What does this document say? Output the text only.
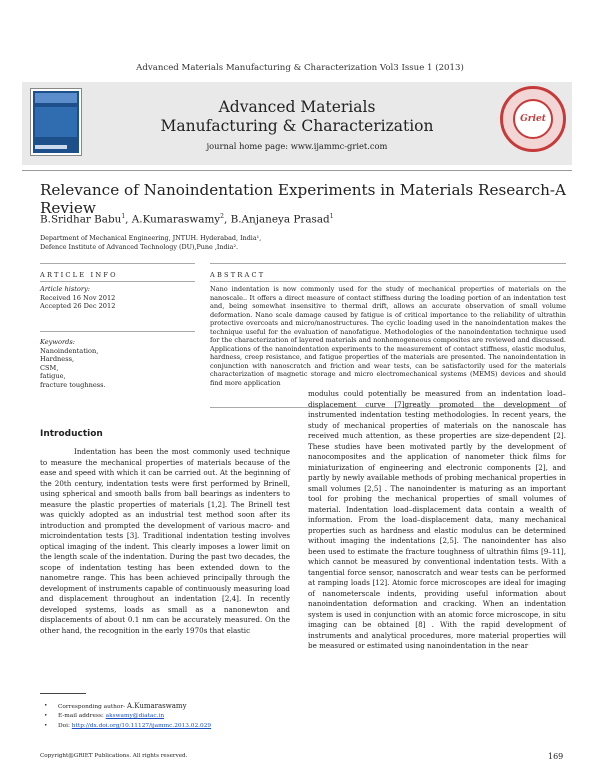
Advanced Materials Manufacturing & Characterization Vol3 Issue 1 (2013)
Advanced Materials
Manufacturing & Characterization
journal home page: www.ijammc-griet.com
Griet
Relevance of Nanoindentation Experiments in Materials Research-A Review
B.Sridhar Babu$^1$, A.Kumaraswamy$^2$, B.Anjaneya Prasad$^1$
Department of Mechanical Engineering, JNTUH. Hyderabad, India¹,
Defence Institute of Advanced Technology (DU),Pune ,India².
ARTICLE INFO	ABSTRACT
Article history:
Received 16 Nov 2012
Accepted 26 Dec 2012
Keywords:
Nanoindentation,
Hardness,
CSM,
fatigue,
fracture toughness.
Nano indentation is now commonly used for the study of mechanical properties of materials on the nanoscale.. It offers a direct measure of contact stiffness during the loading portion of an indentation test and, being somewhat insensitive to thermal drift, allows an accurate observation of small volume deformation. Nano scale damage caused by fatigue is of critical importance to the reliability of ultrathin protective overcoats and micro/nanostructures. The cyclic loading used in the nanoindentation makes the technique useful for the evaluation of nanofatigue. Methodologies of the nanoindentation technique used for the characterization of layered materials and nonhomogeneous composites are reviewed and discussed. Applications of the nanoindentation experiments to the measurement of contact stiffness, elastic modulus, hardness, creep resistance, and fatigue properties of the materials are presented. The nanoindentation in conjunction with nanoscratch and friction and wear tests, can be satisfactorily used for the materials characterization of magnetic storage and micro electromechanical systems (MEMS) devices and should find more application
Introduction
Indentation has been the most commonly used technique to measure the mechanical properties of materials because of the ease and speed with which it can be carried out. At the beginning of the 20th century, indentation tests were first performed by Brinell, using spherical and smooth balls from ball bearings as indenters to measure the plastic properties of materials [1,2]. The Brinell test was quickly adopted as an industrial test method soon after its introduction and prompted the development of various macro- and microindentation tests [3]. Traditional indentation testing involves optical imaging of the indent. This clearly imposes a lower limit on the length scale of the indentation. During the past two decades, the scope of indentation testing has been extended down to the nanometre range. This has been achieved principally through the development of instruments capable of continuously measuring load and displacement throughout an indentation [2,4]. In recently developed systems, loads as small as a nanonewton and displacements of about 0.1 nm can be accurately measured. On the other hand, the recognition in the early 1970s that elastic
modulus could potentially be measured from an indentation load–displacement curve [7]greatly promoted the development of instrumented indentation testing methodologies. In recent years, the study of mechanical properties of materials on the nanoscale has received much attention, as these properties are size-dependent [2]. These studies have been motivated partly by the development of nanocomposites and the application of nanometer thick films for miniaturization of engineering and electronic components [2], and partly by newly available methods of probing mechanical properties in small volumes [2,5] . The nanoindenter is maturing as an important tool for probing the mechanical properties of small volumes of material. Indentation load–displacement data contain a wealth of information. From the load–displacement data, many mechanical properties such as hardness and elastic modulus can be determined without imaging the indentations [2,5]. The nanoindenter has also been used to estimate the fracture toughness of ultrathin films [9–11], which cannot be measured by conventional indentation tests. With a tangential force sensor, nanoscratch and wear tests can be performed at ramping loads [12]. Atomic force microscopes are ideal for imaging of nanometerscale indents, providing useful information about nanoindentation deformation and cracking. When an indentation system is used in conjunction with an atomic force microscope, in situ imaging can be obtained [8] . With the rapid development of instruments and analytical procedures, more material properties will be measured or estimated using nanoindentation in the near
• Corresponding author- A.Kumaraswamy
• E-mail address: akswamy@diatac.in
• Doi: http://dx.doi.org/10.11127/ijammc.2013.02.029
Copyright@GRIET Publications. All rights reserved.	169
